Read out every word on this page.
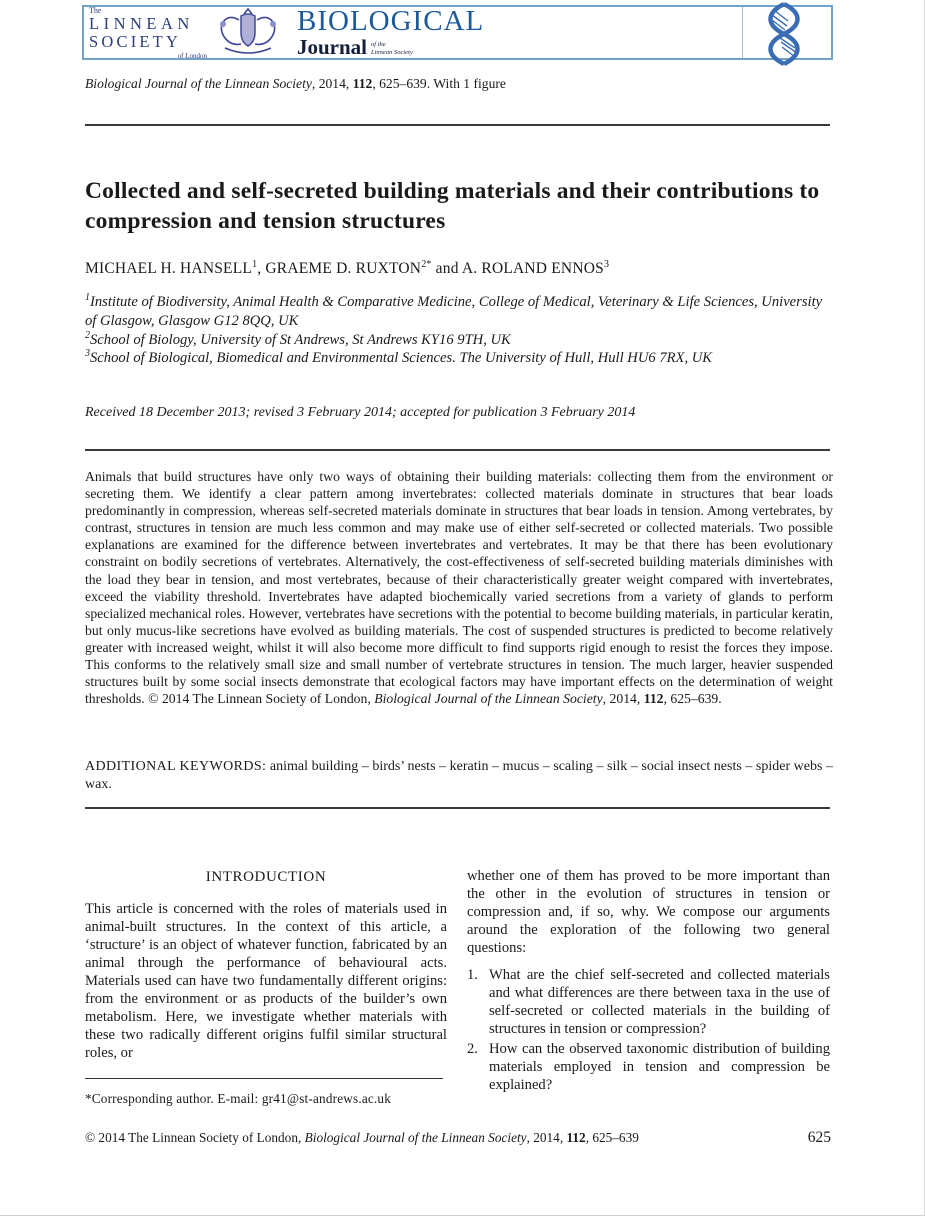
The
LINNEAN
SOCIETY
of London
BIOLOGICAL
Journal of the
Linnean Society
Biological Journal of the Linnean Society, 2014, 112, 625–639. With 1 figure
Collected and self-secreted building materials and their contributions to compression and tension structures
MICHAEL H. HANSELL$^1$, GRAEME D. $RUXTON^{2*}$ and A. ROLAND ENNOS$^3$
$^1$Institute of Biodiversity, Animal Health & Comparative Medicine, College of Medical, Veterinary & Life Sciences, University of Glasgow, Glasgow G12 8QQ, UK
$^2$School of Biology, University of St Andrews, St Andrews KY16 9TH, UK
$^3$School of Biological, Biomedical and Environmental Sciences. The University of Hull, Hull HU6 7RX, UK
Received 18 December 2013; revised 3 February 2014; accepted for publication 3 February 2014
Animals that build structures have only two ways of obtaining their building materials: collecting them from the environment or secreting them. We identify a clear pattern among invertebrates: collected materials dominate in structures that bear loads predominantly in compression, whereas self-secreted materials dominate in structures that bear loads in tension. Among vertebrates, by contrast, structures in tension are much less common and may make use of either self-secreted or collected materials. Two possible explanations are examined for the difference between invertebrates and vertebrates. It may be that there has been evolutionary constraint on bodily secretions of vertebrates. Alternatively, the cost-effectiveness of self-secreted building materials diminishes with the load they bear in tension, and most vertebrates, because of their characteristically greater weight compared with invertebrates, exceed the viability threshold. Invertebrates have adapted biochemically varied secretions from a variety of glands to perform specialized mechanical roles. However, vertebrates have secretions with the potential to become building materials, in particular keratin, but only mucus-like secretions have evolved as building materials. The cost of suspended structures is predicted to become relatively greater with increased weight, whilst it will also become more difficult to find supports rigid enough to resist the forces they impose. This conforms to the relatively small size and small number of vertebrate structures in tension. The much larger, heavier suspended structures built by some social insects demonstrate that ecological factors may have important effects on the determination of weight thresholds. © 2014 The Linnean Society of London, Biological Journal of the Linnean Society, 2014, 112, 625–639.
ADDITIONAL KEYWORDS: animal building – birds’ nests – keratin – mucus – scaling – silk – social insect nests – spider webs – wax.
INTRODUCTION

This article is concerned with the roles of materials used in animal-built structures. In the context of this article, a ‘structure’ is an object of whatever function, fabricated by an animal through the performance of behavioural acts. Materials used can have two fundamentally different origins: from the environment or as products of the builder’s own metabolism. Here, we investigate whether materials with these two radically different origins fulfil similar structural roles, or

whether one of them has proved to be more important than the other in the evolution of structures in tension or compression and, if so, why. We compose our arguments around the exploration of the following two general questions:

1. What are the chief self-secreted and collected materials and what differences are there between taxa in the use of self-secreted or collected materials in the building of structures in tension or compression?
2. How can the observed taxonomic distribution of building materials employed in tension and compression be explained?
*Corresponding author. E-mail: gr41@st-andrews.ac.uk
© 2014 The Linnean Society of London, Biological Journal of the Linnean Society, 2014, 112, 625–639	625
